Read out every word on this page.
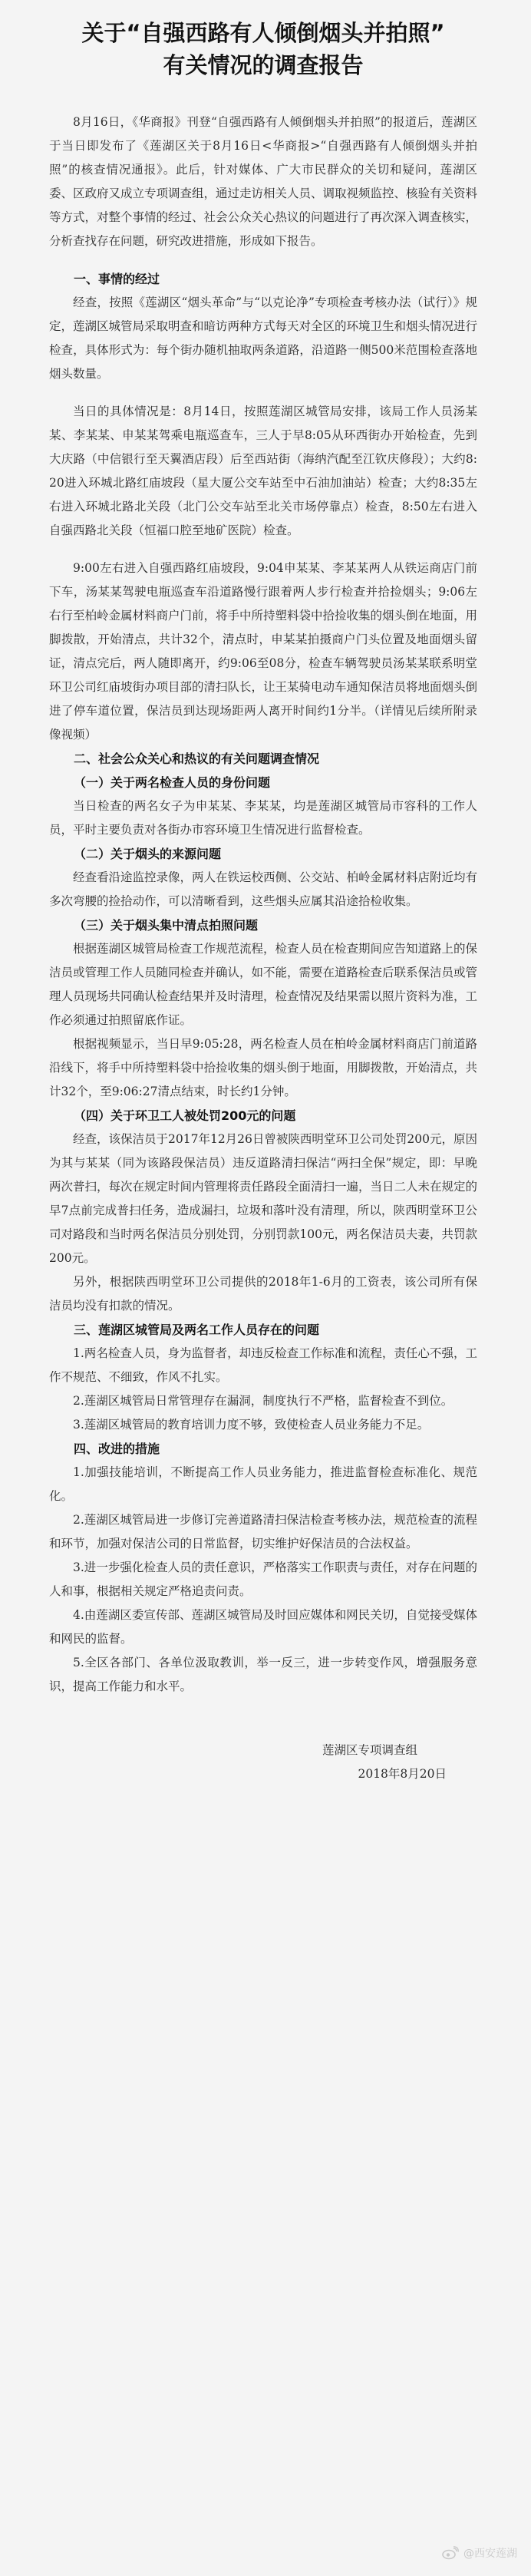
关于“自强西路有人倾倒烟头并拍照”
有关情况的调查报告

8月16日，《华商报》刊登“自强西路有人倾倒烟头并拍照”的报道后，莲湖区于当日即发布了《莲湖区关于8月16日<华商报>“自强西路有人倾倒烟头并拍照”的核查情况通报》。此后，针对媒体、广大市民群众的关切和疑问，莲湖区委、区政府又成立专项调查组，通过走访相关人员、调取视频监控、核验有关资料等方式，对整个事情的经过、社会公众关心热议的问题进行了再次深入调查核实，分析查找存在问题，研究改进措施，形成如下报告。

一、事情的经过

经查，按照《莲湖区“烟头革命”与“以克论净”专项检查考核办法（试行）》规定，莲湖区城管局采取明查和暗访两种方式每天对全区的环境卫生和烟头情况进行检查，具体形式为：每个街办随机抽取两条道路，沿道路一侧500米范围检查落地烟头数量。

当日的具体情况是：8月14日，按照莲湖区城管局安排，该局工作人员汤某某、李某某、申某某驾乘电瓶巡查车，三人于早8:05从环西街办开始检查，先到大庆路（中信银行至天翼酒店段）后至西站街（海纳汽配至江钦庆修段）；大约8:20进入环城北路红庙坡段（星大厦公交车站至中石油加油站）检查；大约8:35左右进入环城北路北关段（北门公交车站至北关市场停靠点）检查，8:50左右进入自强西路北关段（恒福口腔至地矿医院）检查。

9:00左右进入自强西路红庙坡段，9:04申某某、李某某两人从铁运商店门前下车，汤某某驾驶电瓶巡查车沿道路慢行跟着两人步行检查并拾捡烟头；9:06左右行至柏岭金属材料商户门前，将手中所持塑料袋中拾捡收集的烟头倒在地面，用脚拨散，开始清点，共计32个，清点时，申某某拍摄商户门头位置及地面烟头留证，清点完后，两人随即离开，约9:06至08分，检查车辆驾驶员汤某某联系明堂环卫公司红庙坡街办项目部的清扫队长，让王某骑电动车通知保洁员将地面烟头倒进了停车道位置，保洁员到达现场距两人离开时间约1分半。（详情见后续所附录像视频）

二、社会公众关心和热议的有关问题调查情况

（一）关于两名检查人员的身份问题

当日检查的两名女子为申某某、李某某，均是莲湖区城管局市容科的工作人员，平时主要负责对各街办市容环境卫生情况进行监督检查。

（二）关于烟头的来源问题

经查看沿途监控录像，两人在铁运校西侧、公交站、柏岭金属材料店附近均有多次弯腰的捡拾动作，可以清晰看到，这些烟头应属其沿途拾检收集。

（三）关于烟头集中清点拍照问题

根据莲湖区城管局检查工作规范流程，检查人员在检查期间应告知道路上的保洁员或管理工作人员随同检查并确认，如不能，需要在道路检查后联系保洁员或管理人员现场共同确认检查结果并及时清理，检查情况及结果需以照片资料为准，工作必须通过拍照留底作证。

根据视频显示，当日早9:05:28，两名检查人员在柏岭金属材料商店门前道路沿线下，将手中所持塑料袋中拾捡收集的烟头倒于地面，用脚拨散，开始清点，共计32个，至9:06:27清点结束，时长约1分钟。

（四）关于环卫工人被处罚200元的问题

经查，该保洁员于2017年12月26日曾被陕西明堂环卫公司处罚200元，原因为其与某某（同为该路段保洁员）违反道路清扫保洁“两扫全保”规定，即：早晚两次普扫，每次在规定时间内管理将责任路段全面清扫一遍，当日二人未在规定的早7点前完成普扫任务，造成漏扫，垃圾和落叶没有清理，所以，陕西明堂环卫公司对路段和当时两名保洁员分别处罚，分别罚款100元，两名保洁员夫妻，共罚款200元。

另外，根据陕西明堂环卫公司提供的2018年1-6月的工资表，该公司所有保洁员均没有扣款的情况。

三、莲湖区城管局及两名工作人员存在的问题

1.两名检查人员，身为监督者，却违反检查工作标准和流程，责任心不强，工作不规范、不细致，作风不扎实。

2.莲湖区城管局日常管理存在漏洞，制度执行不严格，监督检查不到位。

3.莲湖区城管局的教育培训力度不够，致使检查人员业务能力不足。

四、改进的措施

1.加强技能培训，不断提高工作人员业务能力，推进监督检查标准化、规范化。

2.莲湖区城管局进一步修订完善道路清扫保洁检查考核办法，规范检查的流程和环节，加强对保洁公司的日常监督，切实维护好保洁员的合法权益。

3.进一步强化检查人员的责任意识，严格落实工作职责与责任，对存在问题的人和事，根据相关规定严格追责问责。

4.由莲湖区委宣传部、莲湖区城管局及时回应媒体和网民关切，自觉接受媒体和网民的监督。

5.全区各部门、各单位汲取教训，举一反三，进一步转变作风，增强服务意识，提高工作能力和水平。

莲湖区专项调查组

2018年8月20日

@西安莲湖
